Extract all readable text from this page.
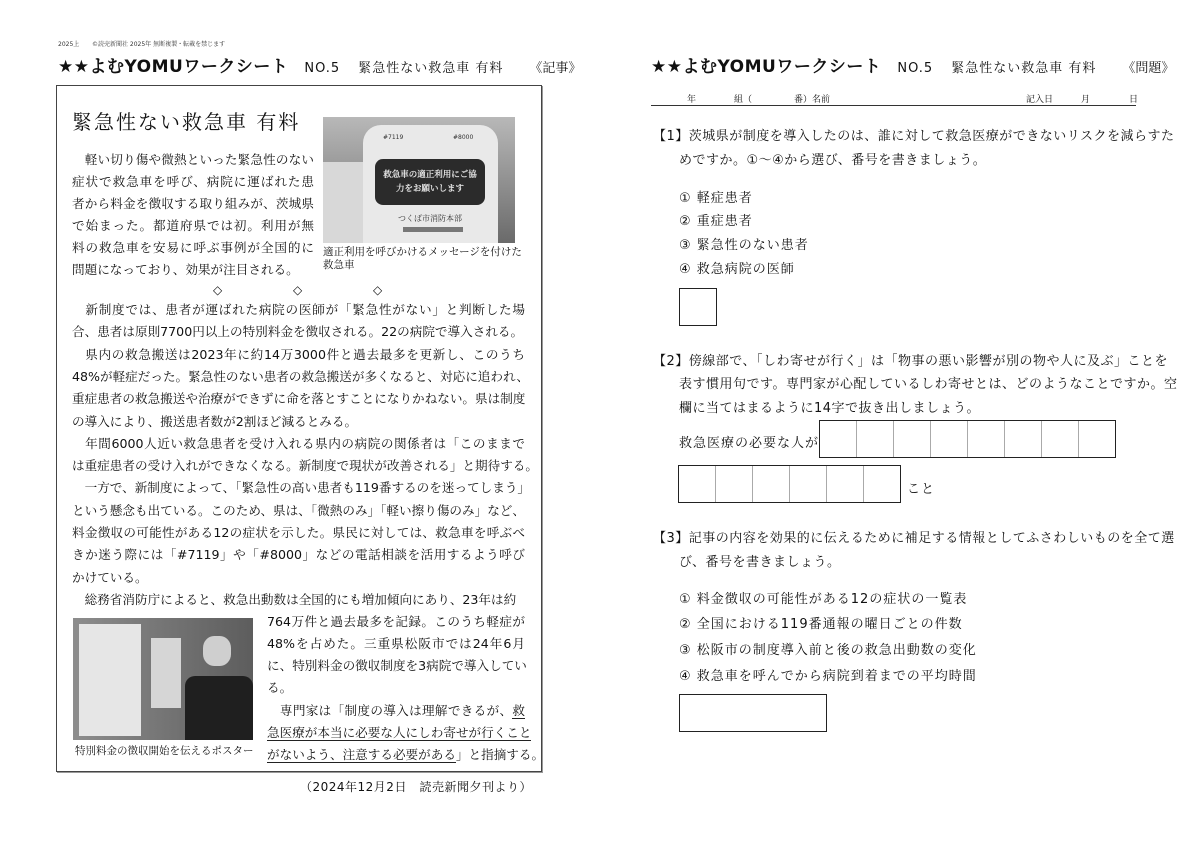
2025上 ©読売新聞社 2025年 無断複製・転載を禁じます
★★よむYOMUワークシート NO.5 緊急性ない救急車 有料 《記事》
緊急性ない救急車 有料
#7119	#8000
救急車の適正利用にご協力をお願いします
つくば市消防本部
適正利用を呼びかけるメッセージを付けた救急車
　軽い切り傷や微熱といった緊急性のない
症状で救急車を呼び、病院に運ばれた患
者から料金を徴収する取り組みが、茨城県
で始まった。都道府県では初。利用が無
料の救急車を安易に呼ぶ事例が全国的に
問題になっており、効果が注目される。
◇	◇	◇
　新制度では、患者が運ばれた病院の医師が「緊急性がない」と判断した場
合、患者は原則7700円以上の特別料金を徴収される。22の病院で導入される。
　県内の救急搬送は2023年に約14万3000件と過去最多を更新し、このうち
48%が軽症だった。緊急性のない患者の救急搬送が多くなると、対応に追われ、
重症患者の救急搬送や治療ができずに命を落とすことになりかねない。県は制度
の導入により、搬送患者数が2割ほど減るとみる。
　年間6000人近い救急患者を受け入れる県内の病院の関係者は「このままで
は重症患者の受け入れができなくなる。新制度で現状が改善される」と期待する。
　一方で、新制度によって、「緊急性の高い患者も119番するのを迷ってしまう」
という懸念も出ている。このため、県は、「微熱のみ」「軽い擦り傷のみ」など、
料金徴収の可能性がある12の症状を示した。県民に対しては、救急車を呼ぶべ
きか迷う際には「#7119」や「#8000」などの電話相談を活用するよう呼び
かけている。
　総務省消防庁によると、救急出動数は全国的にも増加傾向にあり、23年は約
764万件と過去最多を記録。このうち軽症が
48%を占めた。三重県松阪市では24年6月
に、特別料金の徴収制度を3病院で導入してい
る。
　専門家は「制度の導入は理解できるが、救
急医療が本当に必要な人にしわ寄せが行くこと
がないよう、注意する必要がある」と指摘する。
特別料金の徴収開始を伝えるポスター
（2024年12月2日　読売新聞夕刊より）
★★よむYOMUワークシート NO.5 緊急性ない救急車 有料 《問題》
年	組（	番）名前	記入日	月	日
【1】茨城県が制度を導入したのは、誰に対して救急医療ができないリスクを減らすた
めですか。①～④から選び、番号を書きましょう。
① 軽症患者
② 重症患者
③ 緊急性のない患者
④ 救急病院の医師
【2】傍線部で、「しわ寄せが行く」は「物事の悪い影響が別の物や人に及ぶ」ことを
表す慣用句です。専門家が心配しているしわ寄せとは、どのようなことですか。空
欄に当てはまるように14字で抜き出しましょう。
救急医療の必要な人が
こと
【3】記事の内容を効果的に伝えるために補足する情報としてふさわしいものを全て選
び、番号を書きましょう。
① 料金徴収の可能性がある12の症状の一覧表
② 全国における119番通報の曜日ごとの件数
③ 松阪市の制度導入前と後の救急出動数の変化
④ 救急車を呼んでから病院到着までの平均時間
